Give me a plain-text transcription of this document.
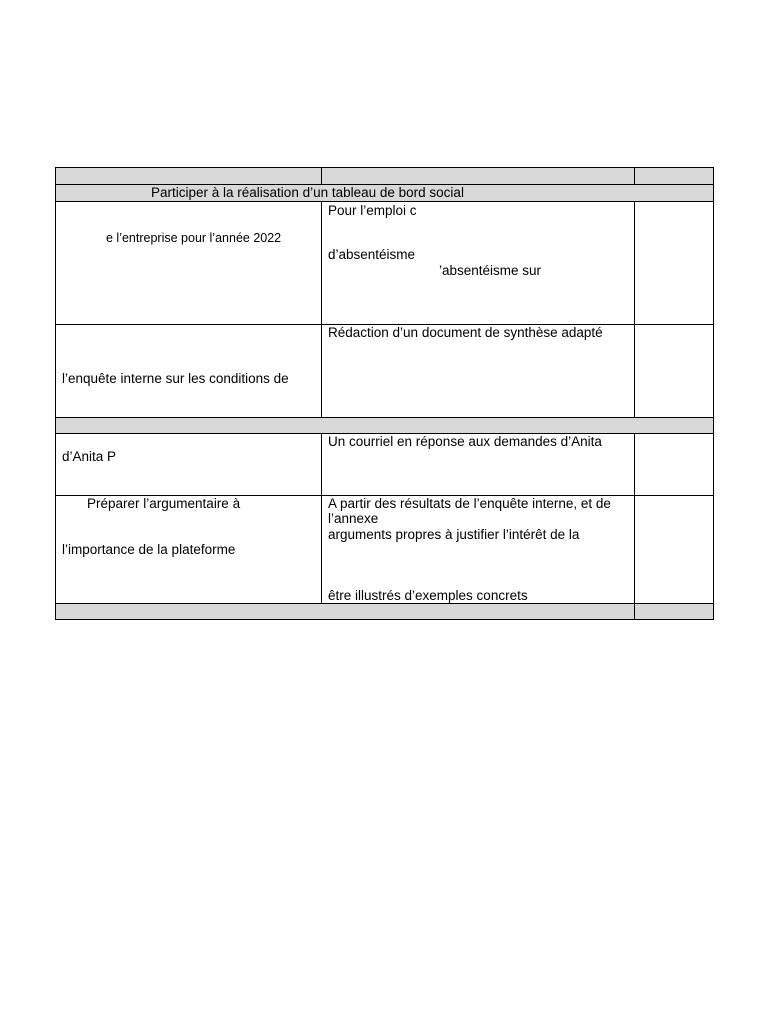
Participer à la réalisation d’un tableau de bord social
e l’entreprise pour l’année 2022
Pour l’emploi c
d’absentéisme
’absentéisme sur
l’enquête interne sur les conditions de
Rédaction d’un document de synthèse adapté
d’Anita P
Un courriel en réponse aux demandes d’Anita
Préparer l’argumentaire à
l’importance de la plateforme
A partir des résultats de l’enquête interne, et de
l’annexe
arguments propres à justifier l’intérêt de la
être illustrés d’exemples concrets
